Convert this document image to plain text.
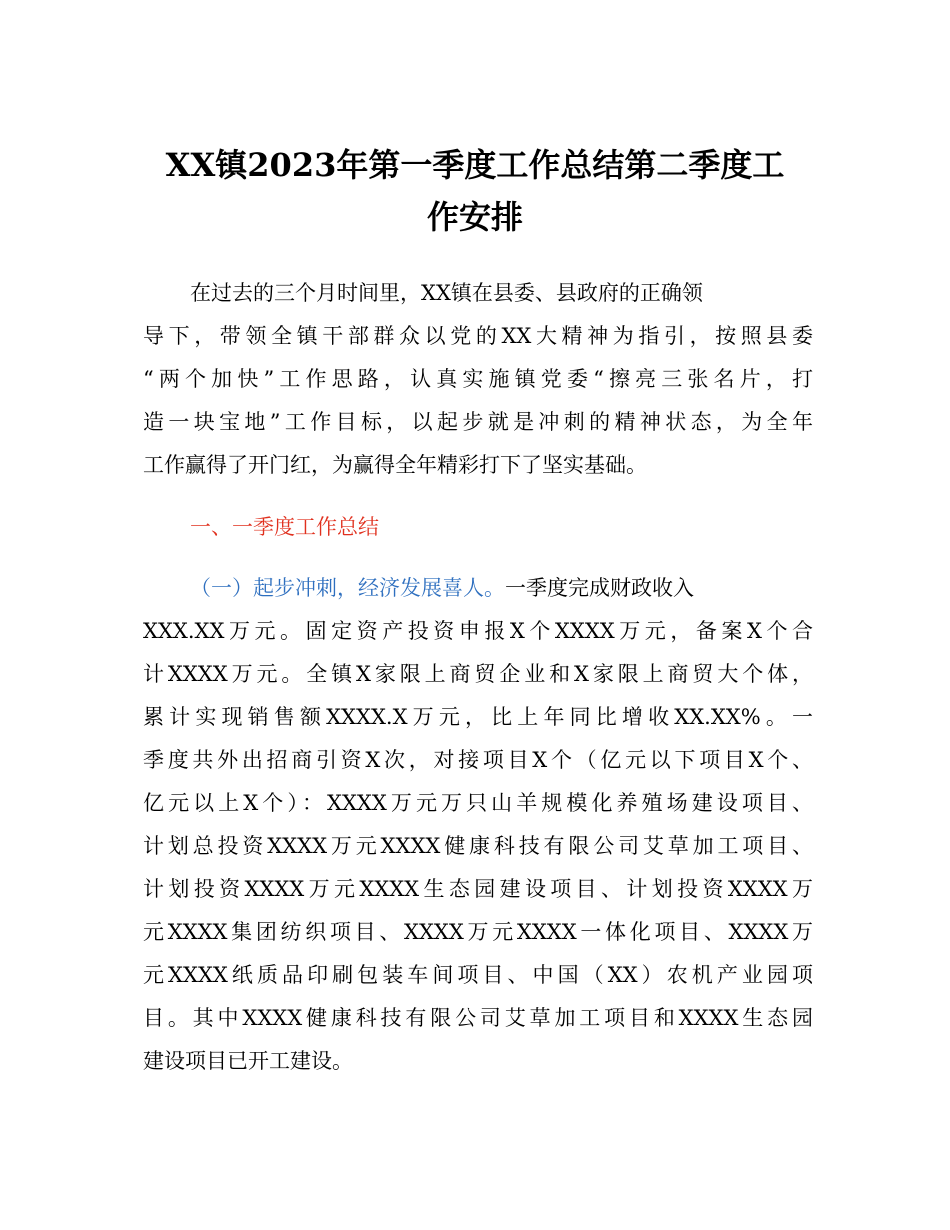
XX镇2023年第一季度工作总结第二季度工
作安排
在过去的三个月时间里，XX镇在县委、县政府的正确领
导下，带领全镇干部群众以党的XX大精神为指引，按照县委
“两个加快”工作思路，认真实施镇党委“擦亮三张名片，打
造一块宝地”工作目标，以起步就是冲刺的精神状态，为全年
工作赢得了开门红，为赢得全年精彩打下了坚实基础。
一、一季度工作总结
（一）起步冲刺，经济发展喜人。一季度完成财政收入
XXX.XX万元。固定资产投资申报X个XXXX万元，备案X个合
计XXXX万元。全镇X家限上商贸企业和X家限上商贸大个体，
累计实现销售额XXXX.X万元，比上年同比增收XX.XX%。一
季度共外出招商引资X次，对接项目X个（亿元以下项目X个、
亿元以上X个）：XXXX万元万只山羊规模化养殖场建设项目、
计划总投资XXXX万元XXXX健康科技有限公司艾草加工项目、
计划投资XXXX万元XXXX生态园建设项目、计划投资XXXX万
元XXXX集团纺织项目、XXXX万元XXXX一体化项目、XXXX万
元XXXX纸质品印刷包装车间项目、中国（XX）农机产业园项
目。其中XXXX健康科技有限公司艾草加工项目和XXXX生态园
建设项目已开工建设。
